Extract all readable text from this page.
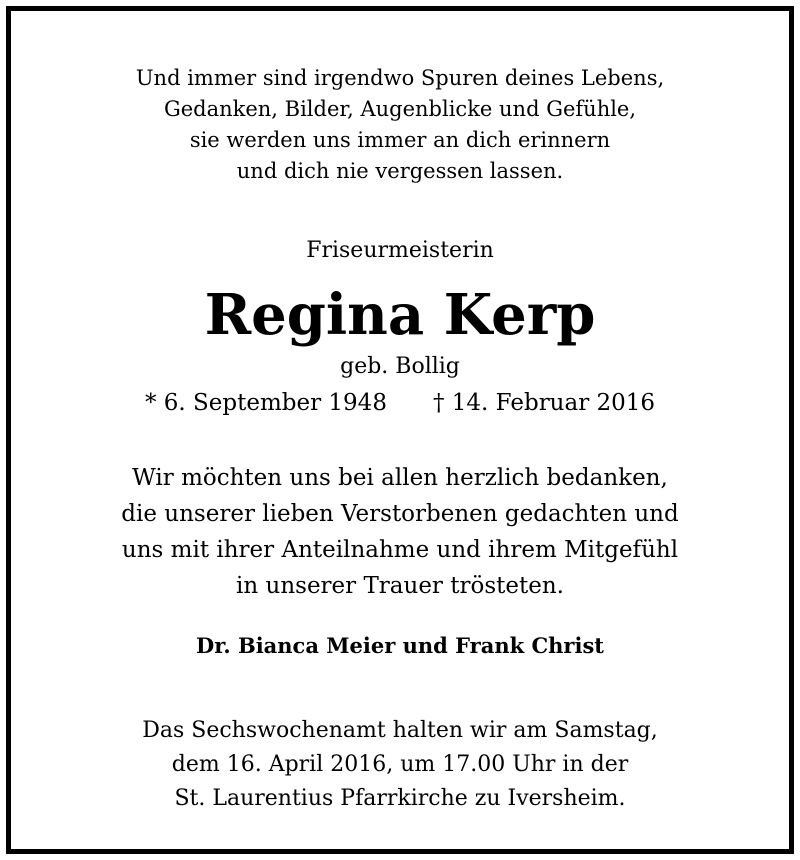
Und immer sind irgendwo Spuren deines Lebens,
Gedanken, Bilder, Augenblicke und Gefühle,
sie werden uns immer an dich erinnern
und dich nie vergessen lassen.
Friseurmeisterin
Regina Kerp
geb. Bollig
* 6. September 1948 † 14. Februar 2016
Wir möchten uns bei allen herzlich bedanken,
die unserer lieben Verstorbenen gedachten und
uns mit ihrer Anteilnahme und ihrem Mitgefühl
in unserer Trauer trösteten.
Dr. Bianca Meier und Frank Christ
Das Sechswochenamt halten wir am Samstag,
dem 16. April 2016, um 17.00 Uhr in der
St. Laurentius Pfarrkirche zu Iversheim.
